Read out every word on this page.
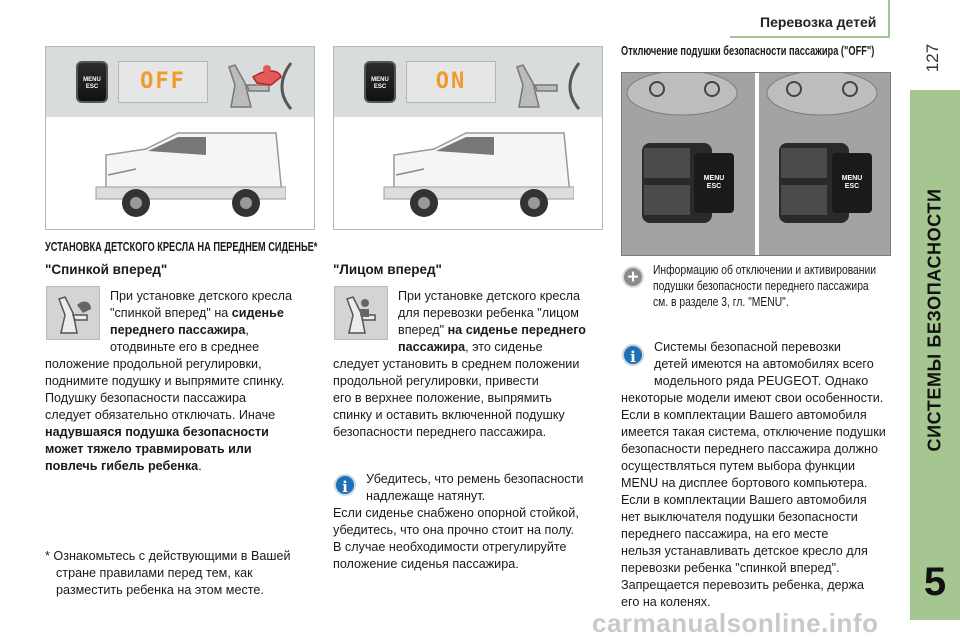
Перевозка детей
127
СИСТЕМЫ БЕЗОПАСНОСТИ
5
MENU
ESC	OFF	MENU
ESC	ON
УСТАНОВКА ДЕТСКОГО КРЕСЛА НА ПЕРЕДНЕМ СИДЕНЬЕ*
"Спинкой вперед"
При установке детского кресла
"спинкой вперед" на сиденье
переднего пассажира,
отодвиньте его в среднее
положение продольной регулировки,
поднимите подушку и выпрямите спинку.
Подушку безопасности пассажира
следует обязательно отключать. Иначе
надувшаяся подушка безопасности
может тяжело травмировать или
повлечь гибель ребенка.
* Ознакомьтесь с действующими в Вашей
стране правилами перед тем, как
разместить ребенка на этом месте.
"Лицом вперед"
При установке детского кресла
для перевозки ребенка "лицом
вперед" на сиденье переднего
пассажира, это сиденье
следует установить в среднем положении
продольной регулировки, привести
его в верхнее положение, выпрямить
спинку и оставить включенной подушку
безопасности переднего пассажира.
i	Убедитесь, что ремень безопасности
надлежаще натянут.
Если сиденье снабжено опорной стойкой,
убедитесь, что она прочно стоит на полу.
В случае необходимости отрегулируйте
положение сиденья пассажира.
Отключение подушки безопасности пассажира ("OFF")
MENU
ESC
MENU
ESC
+	Информацию об отключении и активировании
подушки безопасности переднего пассажира
см. в разделе 3, гл. "MENU".
i
Системы безопасной перевозки
детей имеются на автомобилях всего
модельного ряда PEUGEOT. Однако
некоторые модели имеют свои особенности.
Если в комплектации Вашего автомобиля
имеется такая система, отключение подушки
безопасности переднего пассажира должно
осуществляться путем выбора функции
MENU на дисплее бортового компьютера.
Если в комплектации Вашего автомобиля
нет выключателя подушки безопасности
переднего пассажира, на его месте
нельзя устанавливать детское кресло для
перевозки ребенка "спинкой вперед".
Запрещается перевозить ребенка, держа
его на коленях.
carmanualsonline.info
